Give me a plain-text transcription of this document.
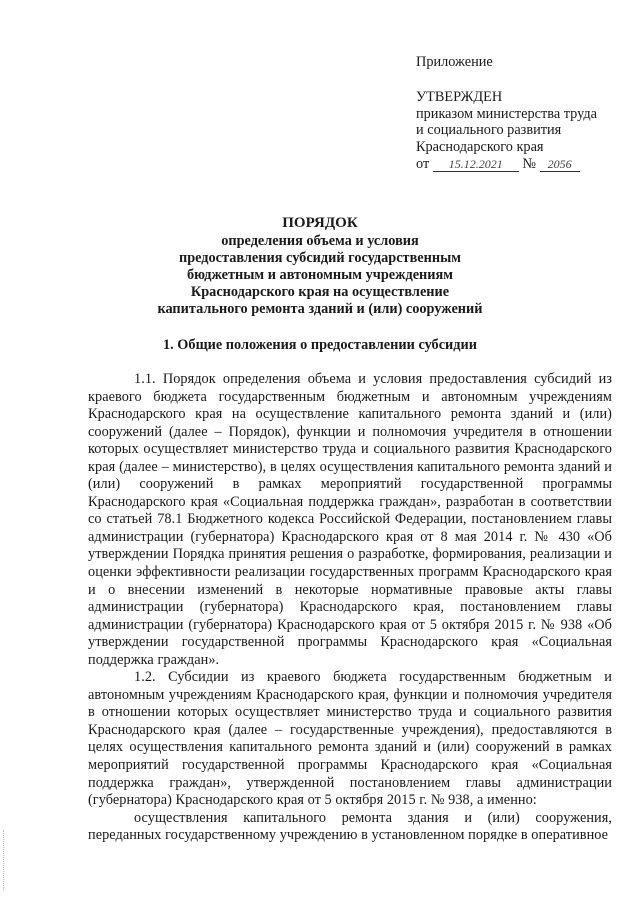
Приложение
УТВЕРЖДЕН
приказом министерства труда
и социального развития
Краснодарского края
от 15.12.2021 № 2056
ПОРЯДОК
определения объема и условия
предоставления субсидий государственным
бюджетным и автономным учреждениям
Краснодарского края на осуществление
капитального ремонта зданий и (или) сооружений
1. Общие положения о предоставлении субсидии

1.1. Порядок определения объема и условия предоставления субсидий из краевого бюджета государственным бюджетным и автономным учреждениям Краснодарского края на осуществление капитального ремонта зданий и (или) сооружений (далее – Порядок), функции и полномочия учредителя в отношении которых осуществляет министерство труда и социального развития Краснодарского края (далее – министерство), в целях осуществления капитального ремонта зданий и (или) сооружений в рамках мероприятий государственной программы Краснодарского края «Социальная поддержка граждан», разработан в соответствии со статьей 78.1 Бюджетного кодекса Российской Федерации, постановлением главы администрации (губернатора) Краснодарского края от 8 мая 2014 г. № 430 «Об утверждении Порядка принятия решения о разработке, формирования, реализации и оценки эффективности реализации государственных программ Краснодарского края и о внесении изменений в некоторые нормативные правовые акты главы администрации (губернатора) Краснодарского края, постановлением главы администрации (губернатора) Краснодарского края от 5 октября 2015 г. № 938 «Об утверждении государственной программы Краснодарского края «Социальная поддержка граждан».

1.2. Субсидии из краевого бюджета государственным бюджетным и автономным учреждениям Краснодарского края, функции и полномочия учредителя в отношении которых осуществляет министерство труда и социального развития Краснодарского края (далее – государственные учреждения), предоставляются в целях осуществления капитального ремонта зданий и (или) сооружений в рамках мероприятий государственной программы Краснодарского края «Социальная поддержка граждан», утвержденной постановлением главы администрации (губернатора) Краснодарского края от 5 октября 2015 г. № 938, а именно:

осуществления капитального ремонта здания и (или) сооружения, переданных государственному учреждению в установленном порядке в оперативное
